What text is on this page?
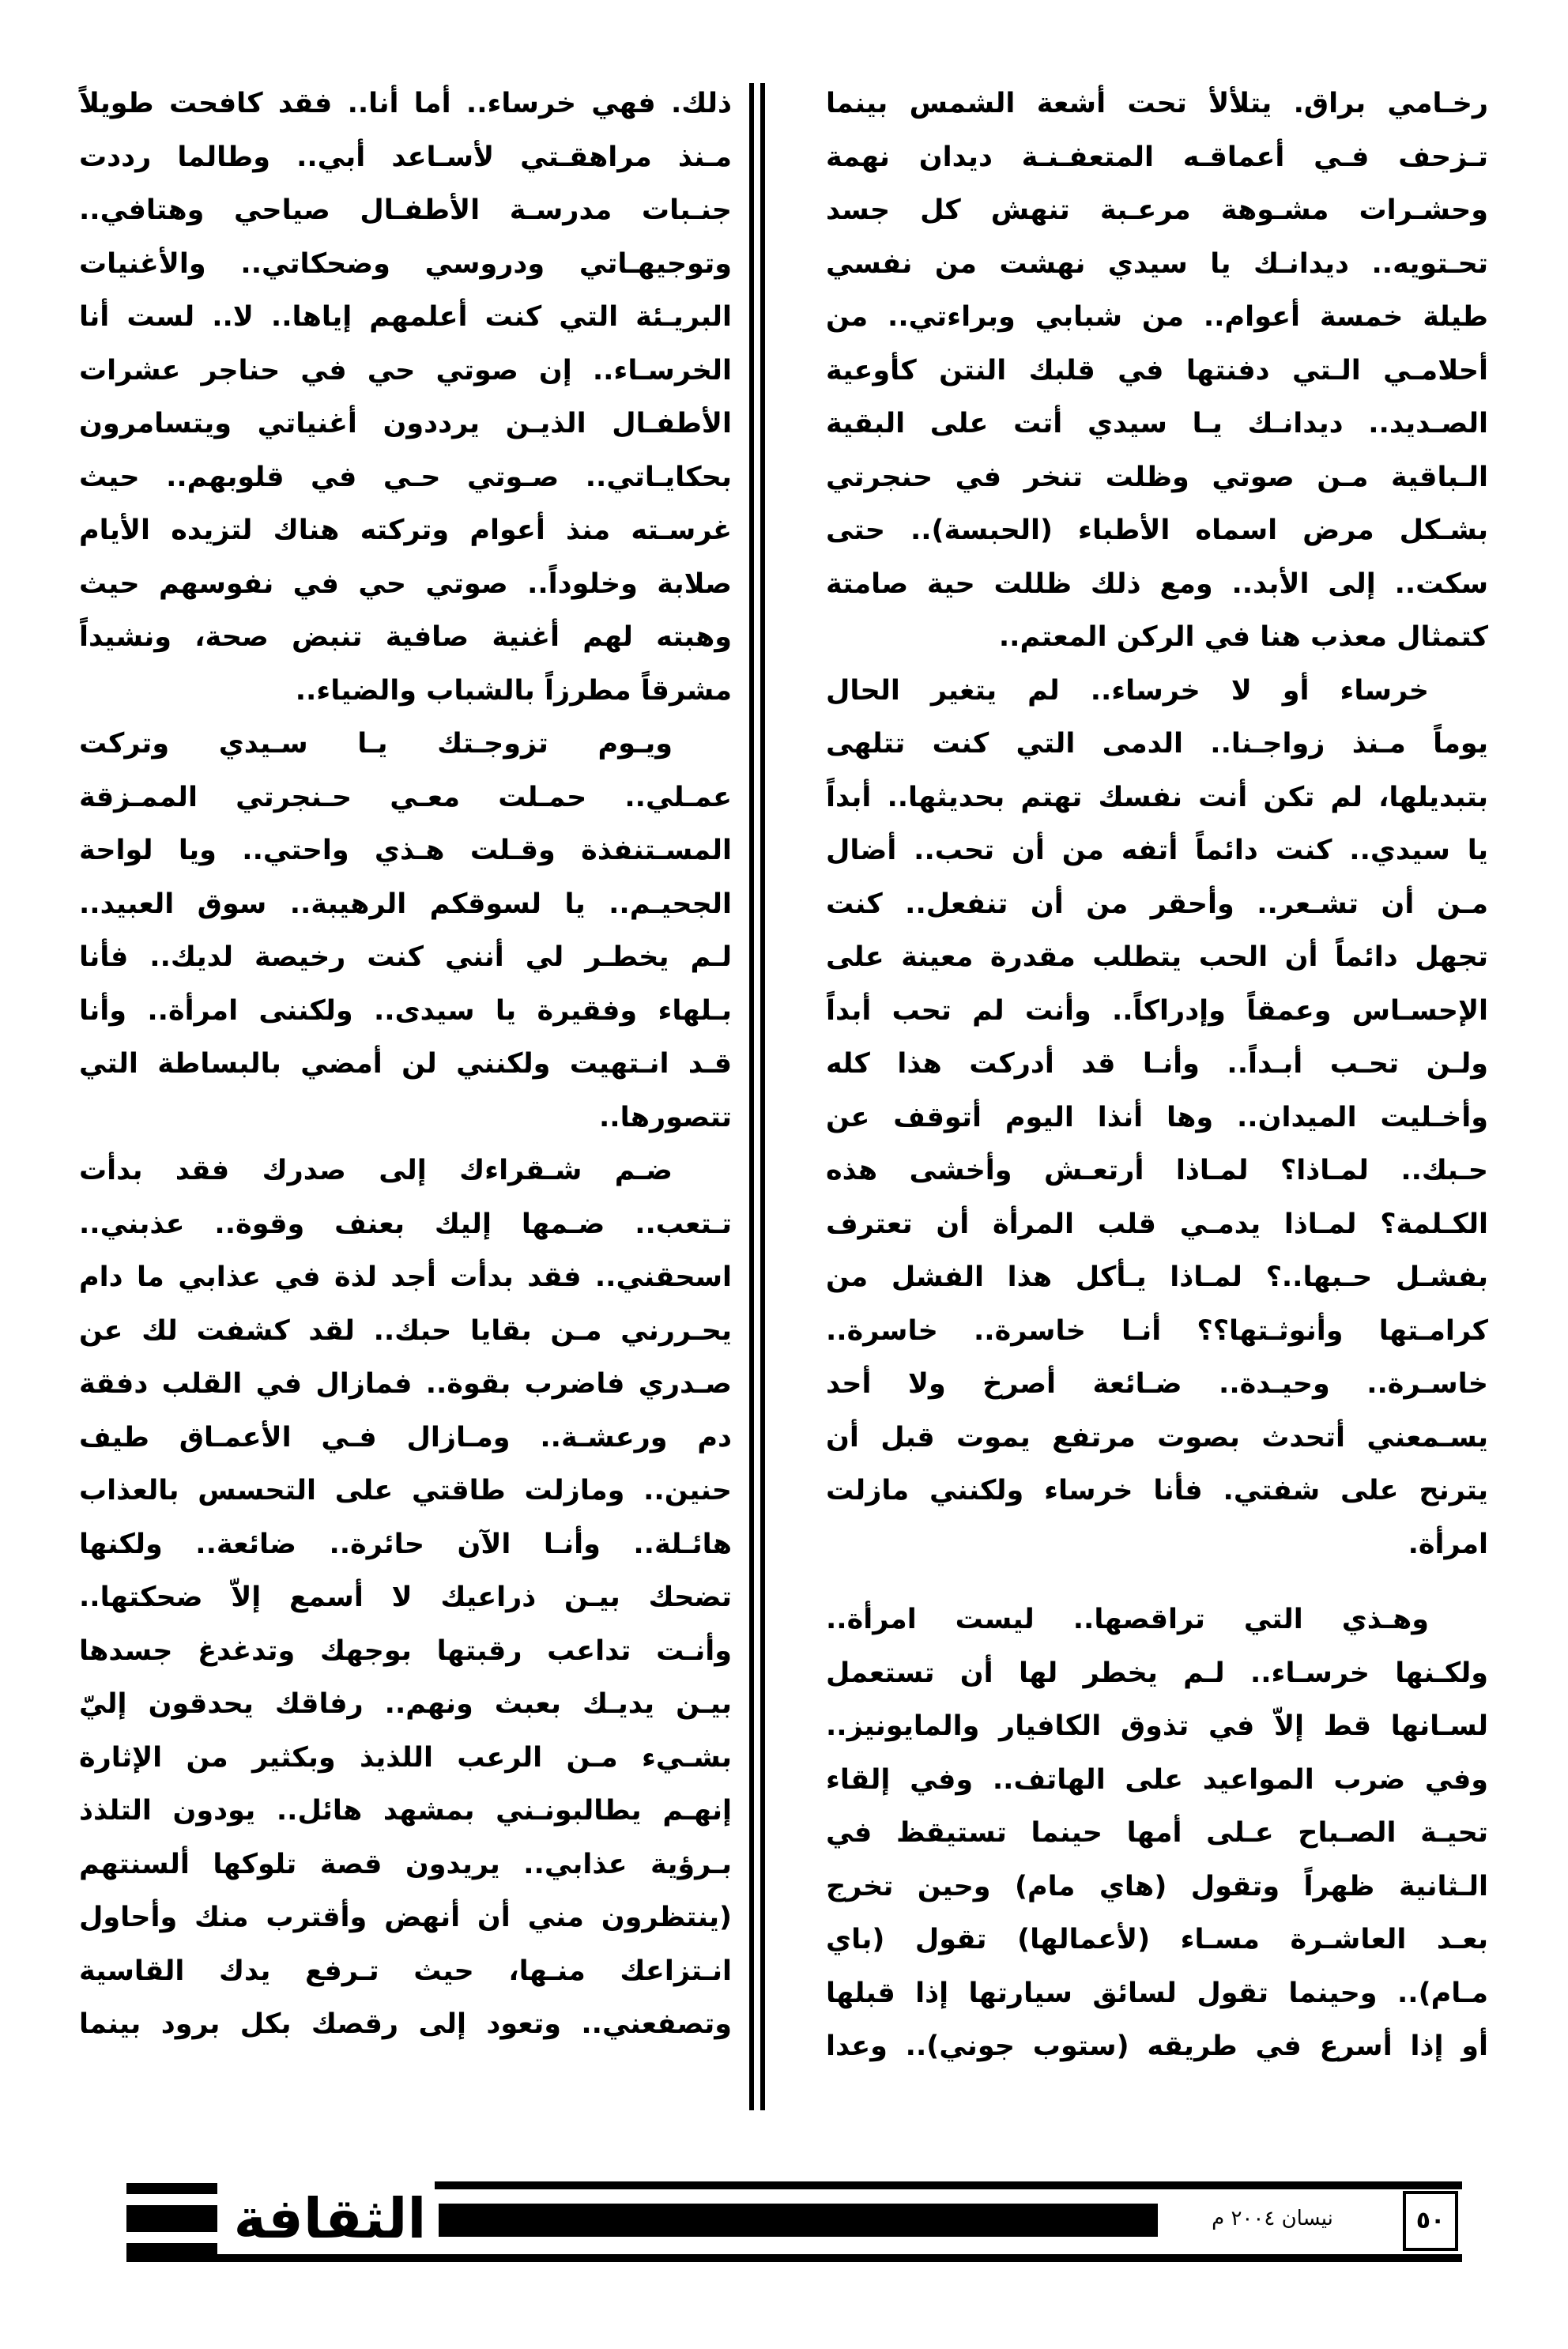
رخـامي براق. يتلألأ تحت أشعة الشمس بينما
تـزحف فـي أعماقـه المتعفـنـة ديدان نهمة
وحشـرات مشـوهة مرعـبة تنهش كل جسد
تحـتويه.. ديدانـك يا سيدي نهشت من نفسي
طيلة خمسة أعوام.. من شبابي وبراءتي.. من
أحلامـي الـتي دفنتها في قلبك النتن كأوعية
الصـديد.. ديدانـك يـا سيدي أتت على البقية
الـباقية مـن صوتي وظلت تنخر في حنجرتي
بشـكل مرض اسماه الأطباء (الحبسة).. حتى
سكت.. إلى الأبد.. ومع ذلك ظللت حية صامتة
كتمثال معذب هنا في الركن المعتم..
خرساء أو لا خرساء.. لم يتغير الحال
يوماً مـنذ زواجـنا.. الدمى التي كنت تتلهى
بتبديلها، لم تكن أنت نفسك تهتم بحديثها.. أبداً
يا سيدي.. كنت دائماً أتفه من أن تحب.. أضال
مـن أن تشـعر.. وأحقر من أن تنفعل.. كنت
تجهل دائماً أن الحب يتطلب مقدرة معينة على
الإحسـاس وعمقاً وإدراكاً.. وأنت لم تحب أبداً
ولـن تحـب أبـداً.. وأنـا قد أدركت هذا كله
وأخـليت الميدان.. وها أنذا اليوم أتوقف عن
حـبك.. لمـاذا؟ لمـاذا أرتعـش وأخشى هذه
الكـلمة؟ لمـاذا يدمـي قلب المرأة أن تعترف
بفشـل حـبها..؟ لمـاذا يـأكل هذا الفشل من
كرامـتها وأنوثـتها؟؟ أنـا خاسرة.. خاسرة..
خاسـرة.. وحيـدة.. ضـائعة أصرخ ولا أحد
يسـمعني أتحدث بصوت مرتفع يموت قبل أن
يترنح على شفتي. فأنا خرساء ولكنني مازلت
امرأة.
وهـذي التي تراقصها.. ليست امرأة..
ولكـنها خرسـاء.. لـم يخطر لها أن تستعمل
لسـانها قط إلاّ في تذوق الكافيار والمايونيز..
وفي ضرب المواعيد على الهاتف.. وفي إلقاء
تحيـة الصـباح عـلى أمها حينما تستيقظ في
الـثانية ظهراً وتقول (هاي مام) وحين تخرج
بعـد العاشـرة مسـاء (لأعمالها) تقول (باي
مـام).. وحينما تقول لسائق سيارتها إذا قبلها
أو إذا أسرع في طريقه (ستوب جوني).. وعدا
ذلك. فهي خرساء.. أما أنا.. فقد كافحت طويلاً
مـنذ مراهقـتي لأسـاعد أبي.. وطالما رددت
جنـبات مدرسـة الأطفـال صياحي وهتافي..
وتوجيهـاتي ودروسي وضحكاتي.. والأغنيات
البريـئة التي كنت أعلمهم إياها.. لا.. لست أنا
الخرسـاء.. إن صوتي حي في حناجر عشرات
الأطفـال الذيـن يرددون أغنياتي ويتسامرون
بحكايـاتي.. صـوتي حـي في قلوبهم.. حيث
غرسـته منذ أعوام وتركته هناك لتزيده الأيام
صلابة وخلوداً.. صوتي حي في نفوسهم حيث
وهبته لهم أغنية صافية تنبض صحة، ونشيداً
مشرقاً مطرزاً بالشباب والضياء..
ويـوم تزوجـتك يـا سـيدي وتركت
عمـلي.. حمـلت معـي حـنجرتي الممـزقة
المسـتنفذة وقـلت هـذي واحتي.. ويا لواحة
الجحيـم.. يا لسوقكم الرهيبة.. سوق العبيد..
لـم يخطـر لي أنني كنت رخيصة لديك.. فأنا
بـلهاء وفقيرة يا سيدى.. ولكننى امرأة.. وأنا
قـد انـتهيت ولكنني لن أمضي بالبساطة التي
تتصورها..
ضـم شـقراءك إلى صدرك فقد بدأت
تـتعب.. ضـمها إليك بعنف وقوة.. عذبني..
اسحقني.. فقد بدأت أجد لذة في عذابي ما دام
يحـررني مـن بقايا حبك.. لقد كشفت لك عن
صـدري فاضرب بقوة.. فمازال في القلب دفقة
دم ورعشـة.. ومـازال فـي الأعمـاق طيف
حنين.. ومازلت طاقتي على التحسس بالعذاب
هائـلة.. وأنـا الآن حائرة.. ضائعة.. ولكنها
تضحك بيـن ذراعيك لا أسمع إلاّ ضحكتها..
وأنـت تداعب رقبتها بوجهك وتدغدغ جسدها
بيـن يديـك بعبث ونهم.. رفاقك يحدقون إليّ
بشـيء مـن الرعب اللذيذ وبكثير من الإثارة
إنهـم يطالبونـني بمشهد هائل.. يودون التلذذ
بـرؤية عذابي.. يريدون قصة تلوكها ألسنتهم
(ينتظرون مني أن أنهض وأقترب منك وأحاول
انـتزاعك منـها، حيث تـرفع يدك القاسية
وتصفعني.. وتعود إلى رقصك بكل برود بينما
الثقافة	نيسان ٢٠٠٤ م	٥٠
